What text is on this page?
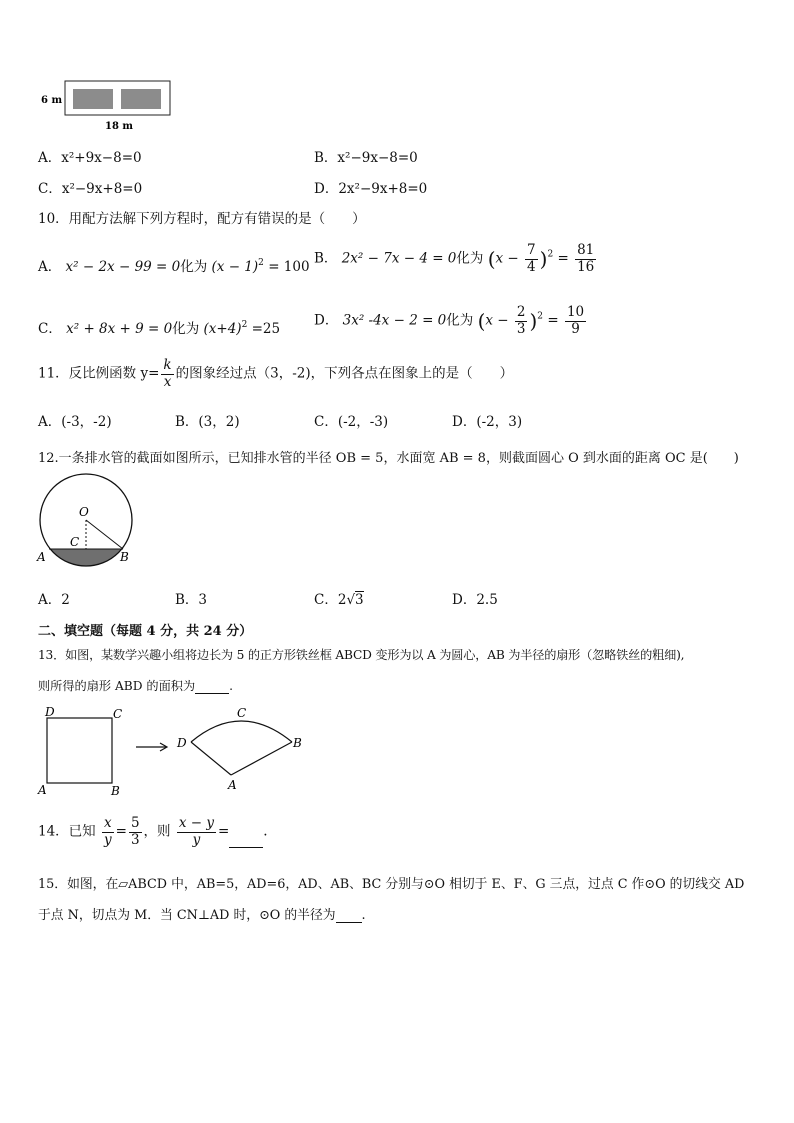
6 m
18 m
A．x²+9x−8=0	B．x²−9x−8=0
C．x²−9x+8=0	D．2x²−9x+8=0
10．用配方法解下列方程时，配方有错误的是（　　）
A． x² − 2x − 99 = 0化为 $(x - 1)^2 = 100$
B． 2x² − 7x − 4 = 0化为 $(x - \frac{7}{4} )^2 = \frac{81}{16}$
C． x² + 8x + 9 = 0化为 $(x+4)^2 =25$
D． 3x² -4x − 2 = 0化为 $(x - \frac{2}{3} )^2 = \frac{10}{9}$
11．反比例函数 $y= \frac{k}{x}$ 的图象经过点（3，-2)，下列各点在图象上的是（　　）
A．(-3，-2)	B．(3，2)	C．(-2，-3)	D．(-2，3)
12.一条排水管的截面如图所示，已知排水管的半径 OB = 5，水面宽 AB = 8，则截面圆心 O 到水面的距离 OC 是(　　)
O
C
A	B
A．2	B．3	C．2√3	D．2.5
二、填空题（每题 4 分，共 24 分）
13．如图，某数学兴趣小组将边长为 5 的正方形铁丝框 ABCD 变形为以 A 为圆心，AB 为半径的扇形（忽略铁丝的粗细),
则所得的扇形 ABD 的面积为	.
D	C
A	B
C
D	B
A
14．已知 $\frac{x}{y} = \frac{5}{3}$ ，则 $\frac{x - y}{y}$ =	.
15．如图，在▱ABCD 中，AB=5，AD=6，AD、AB、BC 分别与⊙O 相切于 E、F、G 三点，过点 C 作⊙O 的切线交 AD
于点 N，切点为 M．当 CN⊥AD 时，⊙O 的半径为 .
